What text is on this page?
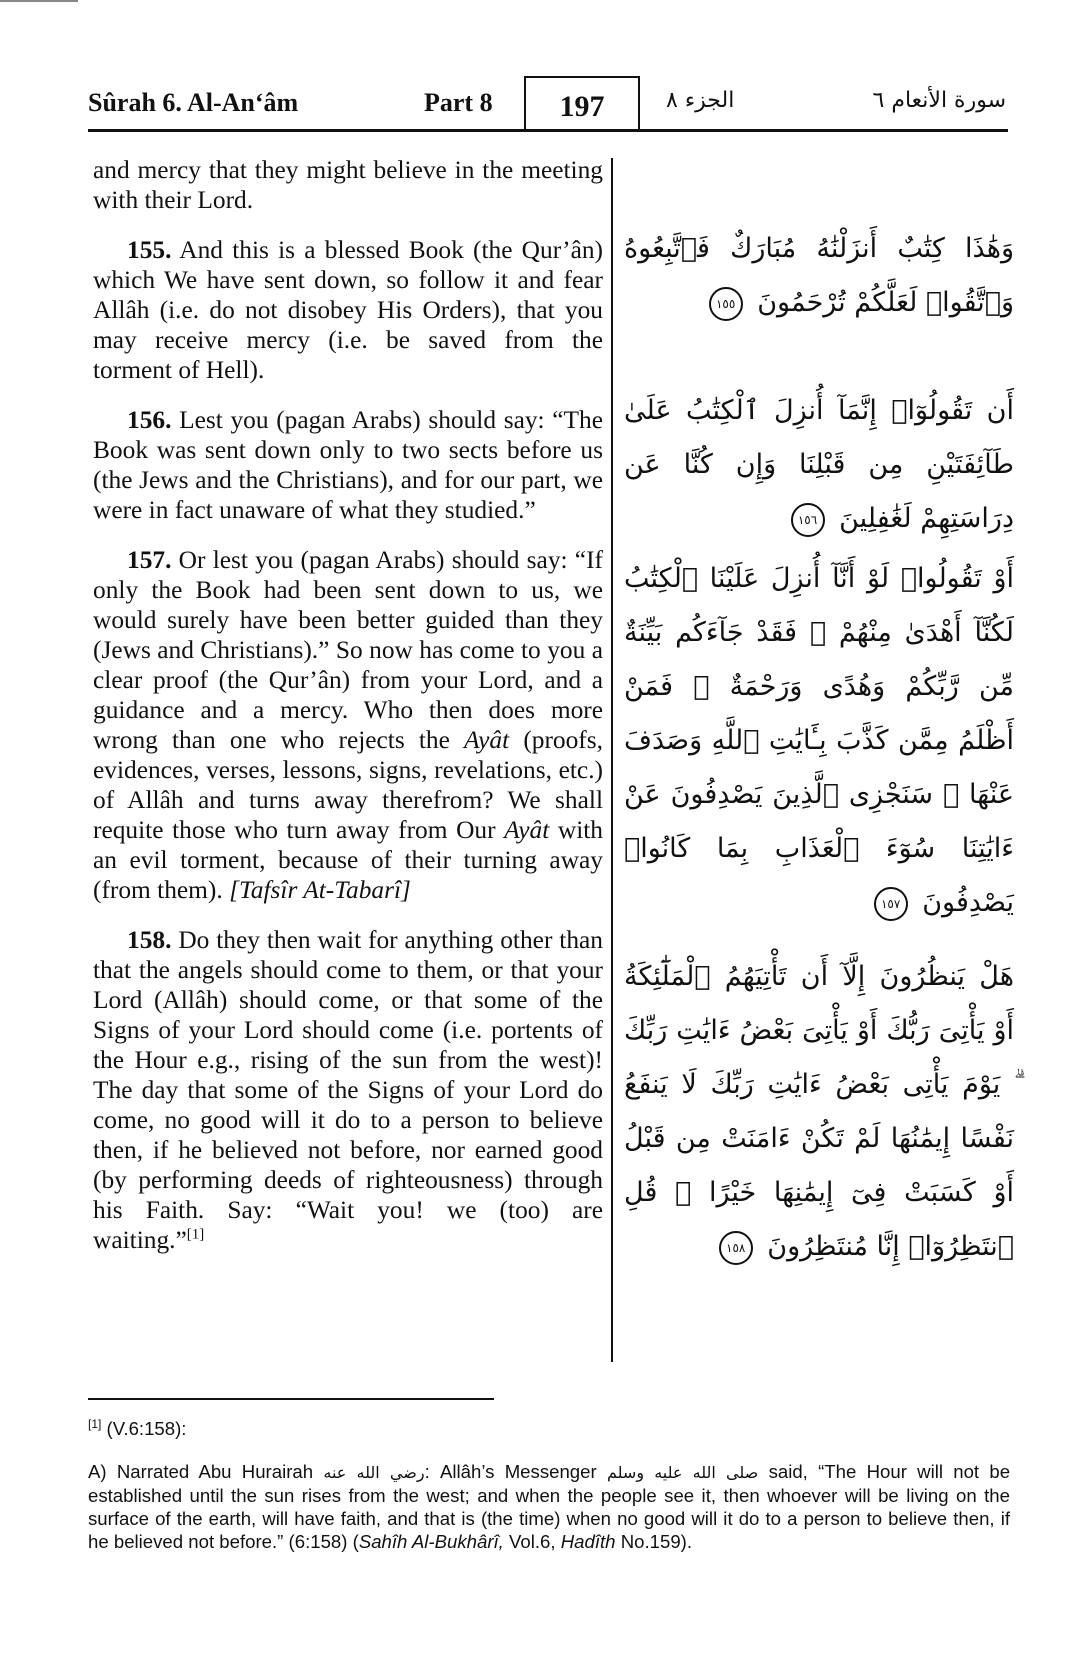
Sûrah 6. Al-An‘âm	Part 8	197	الجزء ٨	سورة الأنعام ٦

and mercy that they might believe in the meeting with their Lord.

155. And this is a blessed Book (the Qur’ân) which We have sent down, so follow it and fear Allâh (i.e. do not disobey His Orders), that you may receive mercy (i.e. be saved from the torment of Hell).

156. Lest you (pagan Arabs) should say: “The Book was sent down only to two sects before us (the Jews and the Christians), and for our part, we were in fact unaware of what they studied.”

157. Or lest you (pagan Arabs) should say: “If only the Book had been sent down to us, we would surely have been better guided than they (Jews and Christians).” So now has come to you a clear proof (the Qur’ân) from your Lord, and a guidance and a mercy. Who then does more wrong than one who rejects the Ayât (proofs, evidences, verses, lessons, signs, revelations, etc.) of Allâh and turns away therefrom? We shall requite those who turn away from Our Ayât with an evil torment, because of their turning away (from them). [Tafsîr At-Tabarî]

158. Do they then wait for anything other than that the angels should come to them, or that your Lord (Allâh) should come, or that some of the Signs of your Lord should come (i.e. portents of the Hour e.g., rising of the sun from the west)! The day that some of the Signs of your Lord do come, no good will it do to a person to believe then, if he believed not before, nor earned good (by performing deeds of righteousness) through his Faith. Say: “Wait you! we (too) are waiting.”[1]

وَهَٰذَا كِتَٰبٌ أَنزَلْنَٰهُ مُبَارَكٌ فَٱتَّبِعُوهُ وَٱتَّقُوا۟ لَعَلَّكُمْ تُرْحَمُونَ ١٥٥
أَن تَقُولُوٓا۟ إِنَّمَآ أُنزِلَ ٱلْكِتَٰبُ عَلَىٰ طَآئِفَتَيْنِ مِن قَبْلِنَا وَإِن كُنَّا عَن دِرَاسَتِهِمْ لَغَٰفِلِينَ ١٥٦
أَوْ تَقُولُوا۟ لَوْ أَنَّآ أُنزِلَ عَلَيْنَا ٱلْكِتَٰبُ لَكُنَّآ أَهْدَىٰ مِنْهُمْ ۚ فَقَدْ جَآءَكُم بَيِّنَةٌ مِّن رَّبِّكُمْ وَهُدًى وَرَحْمَةٌ ۚ فَمَنْ أَظْلَمُ مِمَّن كَذَّبَ بِـَٔايَٰتِ ٱللَّهِ وَصَدَفَ عَنْهَا ۗ سَنَجْزِى ٱلَّذِينَ يَصْدِفُونَ عَنْ ءَايَٰتِنَا سُوٓءَ ٱلْعَذَابِ بِمَا كَانُوا۟ يَصْدِفُونَ ١٥٧
هَلْ يَنظُرُونَ إِلَّآ أَن تَأْتِيَهُمُ ٱلْمَلَٰٓئِكَةُ أَوْ يَأْتِىَ رَبُّكَ أَوْ يَأْتِىَ بَعْضُ ءَايَٰتِ رَبِّكَ ۗ يَوْمَ يَأْتِى بَعْضُ ءَايَٰتِ رَبِّكَ لَا يَنفَعُ نَفْسًا إِيمَٰنُهَا لَمْ تَكُنْ ءَامَنَتْ مِن قَبْلُ أَوْ كَسَبَتْ فِىٓ إِيمَٰنِهَا خَيْرًا ۗ قُلِ ٱنتَظِرُوٓا۟ إِنَّا مُنتَظِرُونَ ١٥٨

[1] (V.6:158):

A) Narrated Abu Hurairah رضي الله عنه: Allâh’s Messenger صلى الله عليه وسلم said, “The Hour will not be established until the sun rises from the west; and when the people see it, then whoever will be living on the surface of the earth, will have faith, and that is (the time) when no good will it do to a person to believe then, if he believed not before.” (6:158) (Sahîh Al-Bukhârî, Vol.6, Hadîth No.159).
